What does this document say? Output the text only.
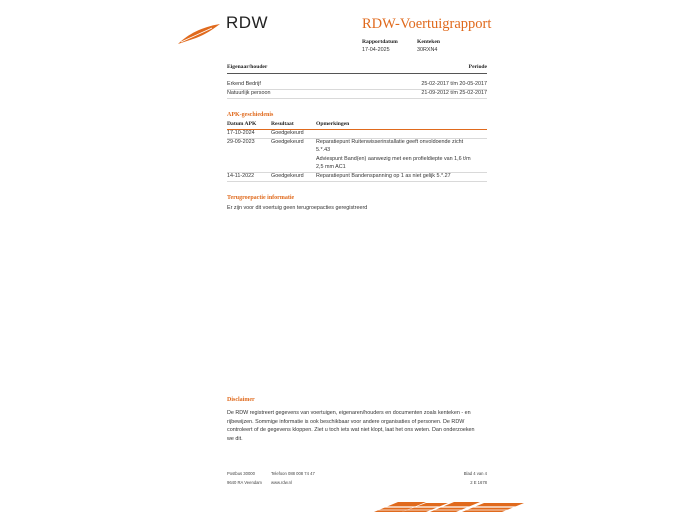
RDW	RDW-Voertuigrapport
Rapportdatum
17-04-2025
Kenteken
30RXN4
Eigenaar/houder	Periode
Erkend Bedrijf	25-02-2017 t/m 20-05-2017
Natuurlijk persoon	21-09-2012 t/m 25-02-2017
APK-geschiedenis
Datum APK	Resultaat	Opmerkingen
17-10-2024	Goedgekeurd
29-09-2023	Goedgekeurd Reparatiepunt Ruitenwisserinstallatie geeft onvoldoende zicht
5.*.43
Adviespunt Band(en) aanwezig met een profieldiepte van 1,6 t/m
2,5 mm AC1
14-11-2022	Goedgekeurd Reparatiepunt Bandenspanning op 1 as niet gelijk 5.*.27
Terugroepactie informatie
Er zijn voor dit voertuig geen terugroepacties geregistreerd
Disclaimer
De RDW registreert gegevens van voertuigen, eigenaren/houders en documenten zoals kenteken - en
rijbewijzen. Sommige informatie is ook beschikbaar voor andere organisaties of personen. De RDW
controleert of de gegevens kloppen. Ziet u toch iets wat niet klopt, laat het ons weten. Dan onderzoeken
we dit.
Postbus 30000	Telefoon 088 008 74 47	Blad 4 van 4
9640 RA Veendam www.rdw.nl	2 E 1678
